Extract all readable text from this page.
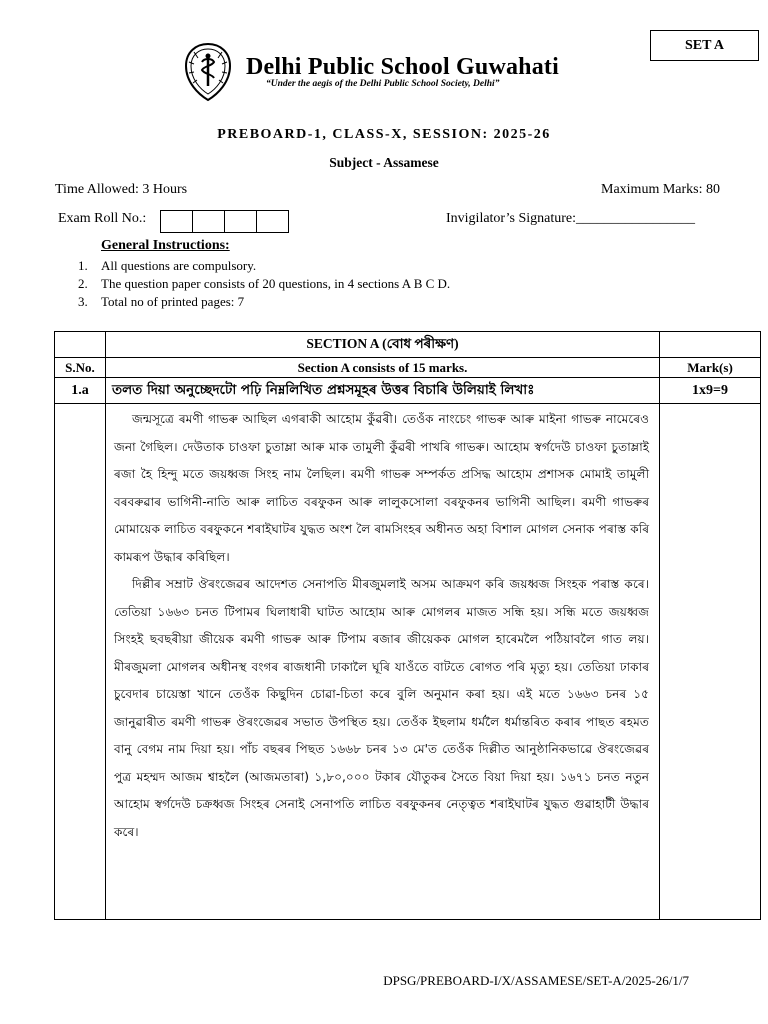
SET A
Delhi Public School Guwahati
“Under the aegis of the Delhi Public School Society, Delhi”
PREBOARD-1, CLASS-X, SESSION: 2025-26
Subject - Assamese
Time Allowed: 3 Hours	Maximum Marks: 80
Exam Roll No.:	Invigilator’s Signature:_________________
General Instructions:
1.	All questions are compulsory.
2.	The question paper consists of 20 questions, in 4 sections A B C D.
3.	Total no of printed pages: 7
	SECTION A (বোধ পৰীক্ষণ)	
S.No.	Section A consists of 15 marks.	Mark(s)
1.a	তলত দিয়া অনুচ্ছেদটো পঢ়ি নিম্নলিখিত প্ৰশ্নসমূহৰ উত্তৰ বিচাৰি উলিয়াই লিখাঃ	1x9=9

	জন্মসূত্ৰে ৰমণী গাভৰু আছিল এগৰাকী আহোম কুঁৱৰী। তেওঁক নাংচেং গাভৰু আৰু মাইনা গাভৰু নামেৰেও জনা গৈছিল। দেউতাক চাওফা চুতাম্লা আৰু মাক তামুলী কুঁৱৰী পাখৰি গাভৰু। আহোম স্বৰ্গদেউ চাওফা চুতাম্লাই ৰজা হৈ হিন্দু মতে জয়ধ্বজ সিংহ নাম লৈছিল। ৰমণী গাভৰু সম্পৰ্কত প্ৰসিদ্ধ আহোম প্ৰশাসক মোমাই তামুলী বৰবৰুৱাৰ ভাগিনী-নাতি আৰু লাচিত বৰফুকন আৰু লালুকসোলা বৰফুকনৰ ভাগিনী আছিল। ৰমণী গাভৰুৰ মোমায়েক লাচিত বৰফুকনে শৰাইঘাটৰ যুদ্ধত অংশ লৈ ৰামসিংহৰ অধীনত অহা বিশাল মোগল সেনাক পৰাস্ত কৰি কামৰূপ উদ্ধাৰ কৰিছিল।

দিল্লীৰ সম্ৰাট ঔৰংজেৱৰ আদেশত সেনাপতি মীৰজুমলাই অসম আক্ৰমণ কৰি জয়ধ্বজ সিংহক পৰাস্ত কৰে। তেতিয়া ১৬৬৩ চনত টিপামৰ ঘিলাধাৰী ঘাটত আহোম আৰু মোগলৰ মাজত সন্ধি হয়। সন্ধি মতে জয়ধ্বজ সিংহই ছবছৰীয়া জীয়েক ৰমণী গাভৰু আৰু টিপাম ৰজাৰ জীয়েকক মোগল হাৰেমলৈ পঠিয়াবলৈ গাত লয়। মীৰজুমলা মোগলৰ অধীনস্থ বংগৰ ৰাজধানী ঢাকালৈ ঘূৰি যাওঁতে বাটতে ৰোগত পৰি মৃত্যু হয়। তেতিয়া ঢাকাৰ চুবেদাৰ চায়েস্তা খানে তেওঁক কিছুদিন চোৱা-চিতা কৰে বুলি অনুমান কৰা হয়। এই মতে ১৬৬৩ চনৰ ১৫ জানুৱাৰীত ৰমণী গাভৰু ঔৰংজেৱৰ সভাত উপস্থিত হয়। তেওঁক ইছলাম ধৰ্মলৈ ধৰ্মান্তৰিত কৰাৰ পাছত ৰহমত বানু বেগম নাম দিয়া হয়। পাঁচ বছৰৰ পিছত ১৬৬৮ চনৰ ১৩ মে'ত তেওঁক দিল্লীত আনুষ্ঠানিকভাৱে ঔৰংজেৱৰ পুত্ৰ মহম্মদ আজম শ্বাহলৈ (আজমতাৰা) ১,৮০,০০০ টকাৰ যৌতুকৰ সৈতে বিয়া দিয়া হয়। ১৬৭১ চনত নতুন আহোম স্বৰ্গদেউ চক্ৰধ্বজ সিংহৰ সেনাই সেনাপতি লাচিত বৰফুকনৰ নেতৃত্বত শৰাইঘাটৰ যুদ্ধত গুৱাহাটী উদ্ধাৰ কৰে।	

DPSG/PREBOARD-I/X/ASSAMESE/SET-A/2025-26/1/7
